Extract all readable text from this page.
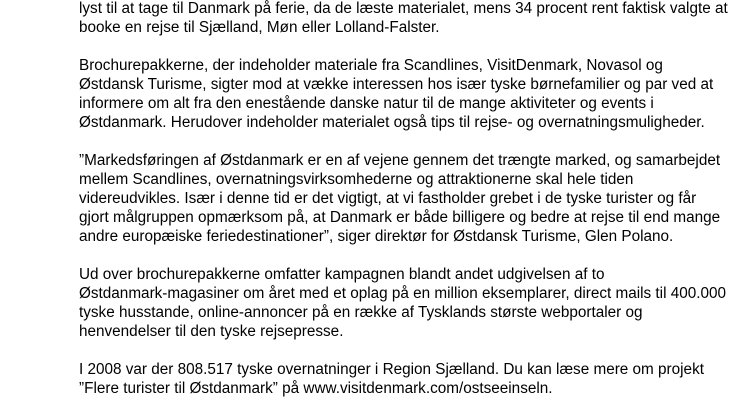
lyst til at tage til Danmark på ferie, da de læste materialet, mens 34 procent rent faktisk valgte at

booke en rejse til Sjælland, Møn eller Lolland-Falster.

Brochurepakkerne, der indeholder materiale fra Scandlines, VisitDenmark, Novasol og

Østdansk Turisme, sigter mod at vække interessen hos især tyske børnefamilier og par ved at

informere om alt fra den enestående danske natur til de mange aktiviteter og events i

Østdanmark. Herudover indeholder materialet også tips til rejse- og overnatningsmuligheder.

”Markedsføringen af Østdanmark er en af vejene gennem det trængte marked, og samarbejdet

mellem Scandlines, overnatningsvirksomhederne og attraktionerne skal hele tiden

videreudvikles. Især i denne tid er det vigtigt, at vi fastholder grebet i de tyske turister og får

gjort målgruppen opmærksom på, at Danmark er både billigere og bedre at rejse til end mange

andre europæiske feriedestinationer”, siger direktør for Østdansk Turisme, Glen Polano.

Ud over brochurepakkerne omfatter kampagnen blandt andet udgivelsen af to

Østdanmark-magasiner om året med et oplag på en million eksemplarer, direct mails til 400.000

tyske husstande, online-annoncer på en række af Tysklands største webportaler og

henvendelser til den tyske rejsepresse.

I 2008 var der 808.517 tyske overnatninger i Region Sjælland. Du kan læse mere om projekt

”Flere turister til Østdanmark” på www.visitdenmark.com/ostseeinseln.
